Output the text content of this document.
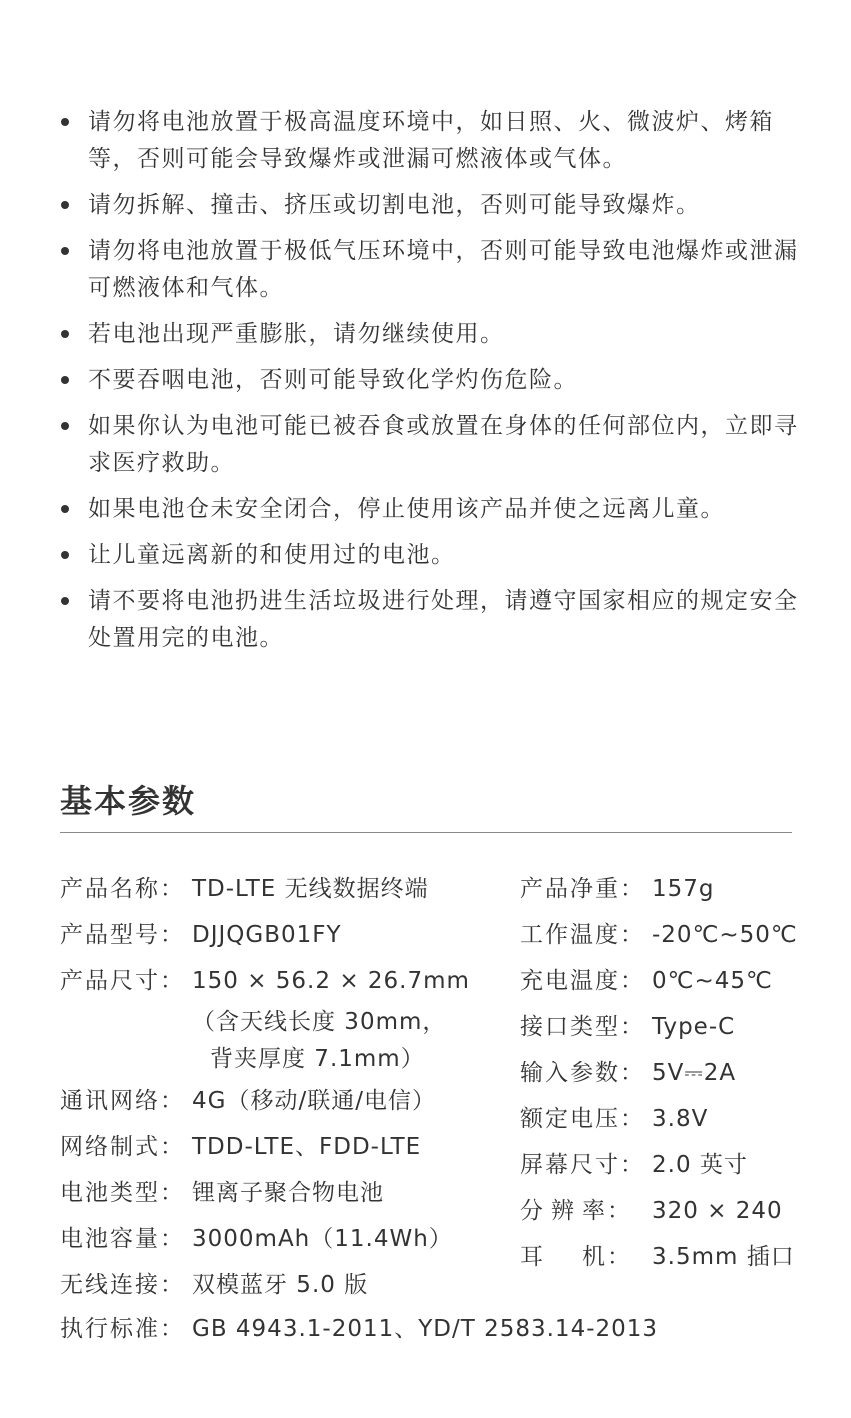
请勿将电池放置于极高温度环境中，如日照、火、微波炉、烤箱等，否则可能会导致爆炸或泄漏可燃液体或气体。
请勿拆解、撞击、挤压或切割电池，否则可能导致爆炸。
请勿将电池放置于极低气压环境中，否则可能导致电池爆炸或泄漏可燃液体和气体。
若电池出现严重膨胀，请勿继续使用。
不要吞咽电池，否则可能导致化学灼伤危险。
如果你认为电池可能已被吞食或放置在身体的任何部位内，立即寻求医疗救助。
如果电池仓未安全闭合，停止使用该产品并使之远离儿童。
让儿童远离新的和使用过的电池。
请不要将电池扔进生活垃圾进行处理，请遵守国家相应的规定安全处置用完的电池。
基本参数
产品名称： TD-LTE 无线数据终端
产品型号： DJJQGB01FY
产品尺寸： 150 × 56.2 × 26.7mm
（含天线长度 30mm，
背夹厚度 7.1mm）
通讯网络： 4G（移动/联通/电信）
网络制式： TDD-LTE、FDD-LTE
电池类型： 锂离子聚合物电池
电池容量： 3000mAh（11.4Wh）
无线连接： 双模蓝牙 5.0 版
产品净重： 157g
工作温度： -20℃~50℃
充电温度： 0℃~45℃
接口类型： Type-C
输入参数： 5V⎓2A
额定电压： 3.8V
屏幕尺寸： 2.0 英寸
分 辨 率： 320 × 240
耳 机： 3.5mm 插口
执行标准： GB 4943.1-2011、YD/T 2583.14-2013
